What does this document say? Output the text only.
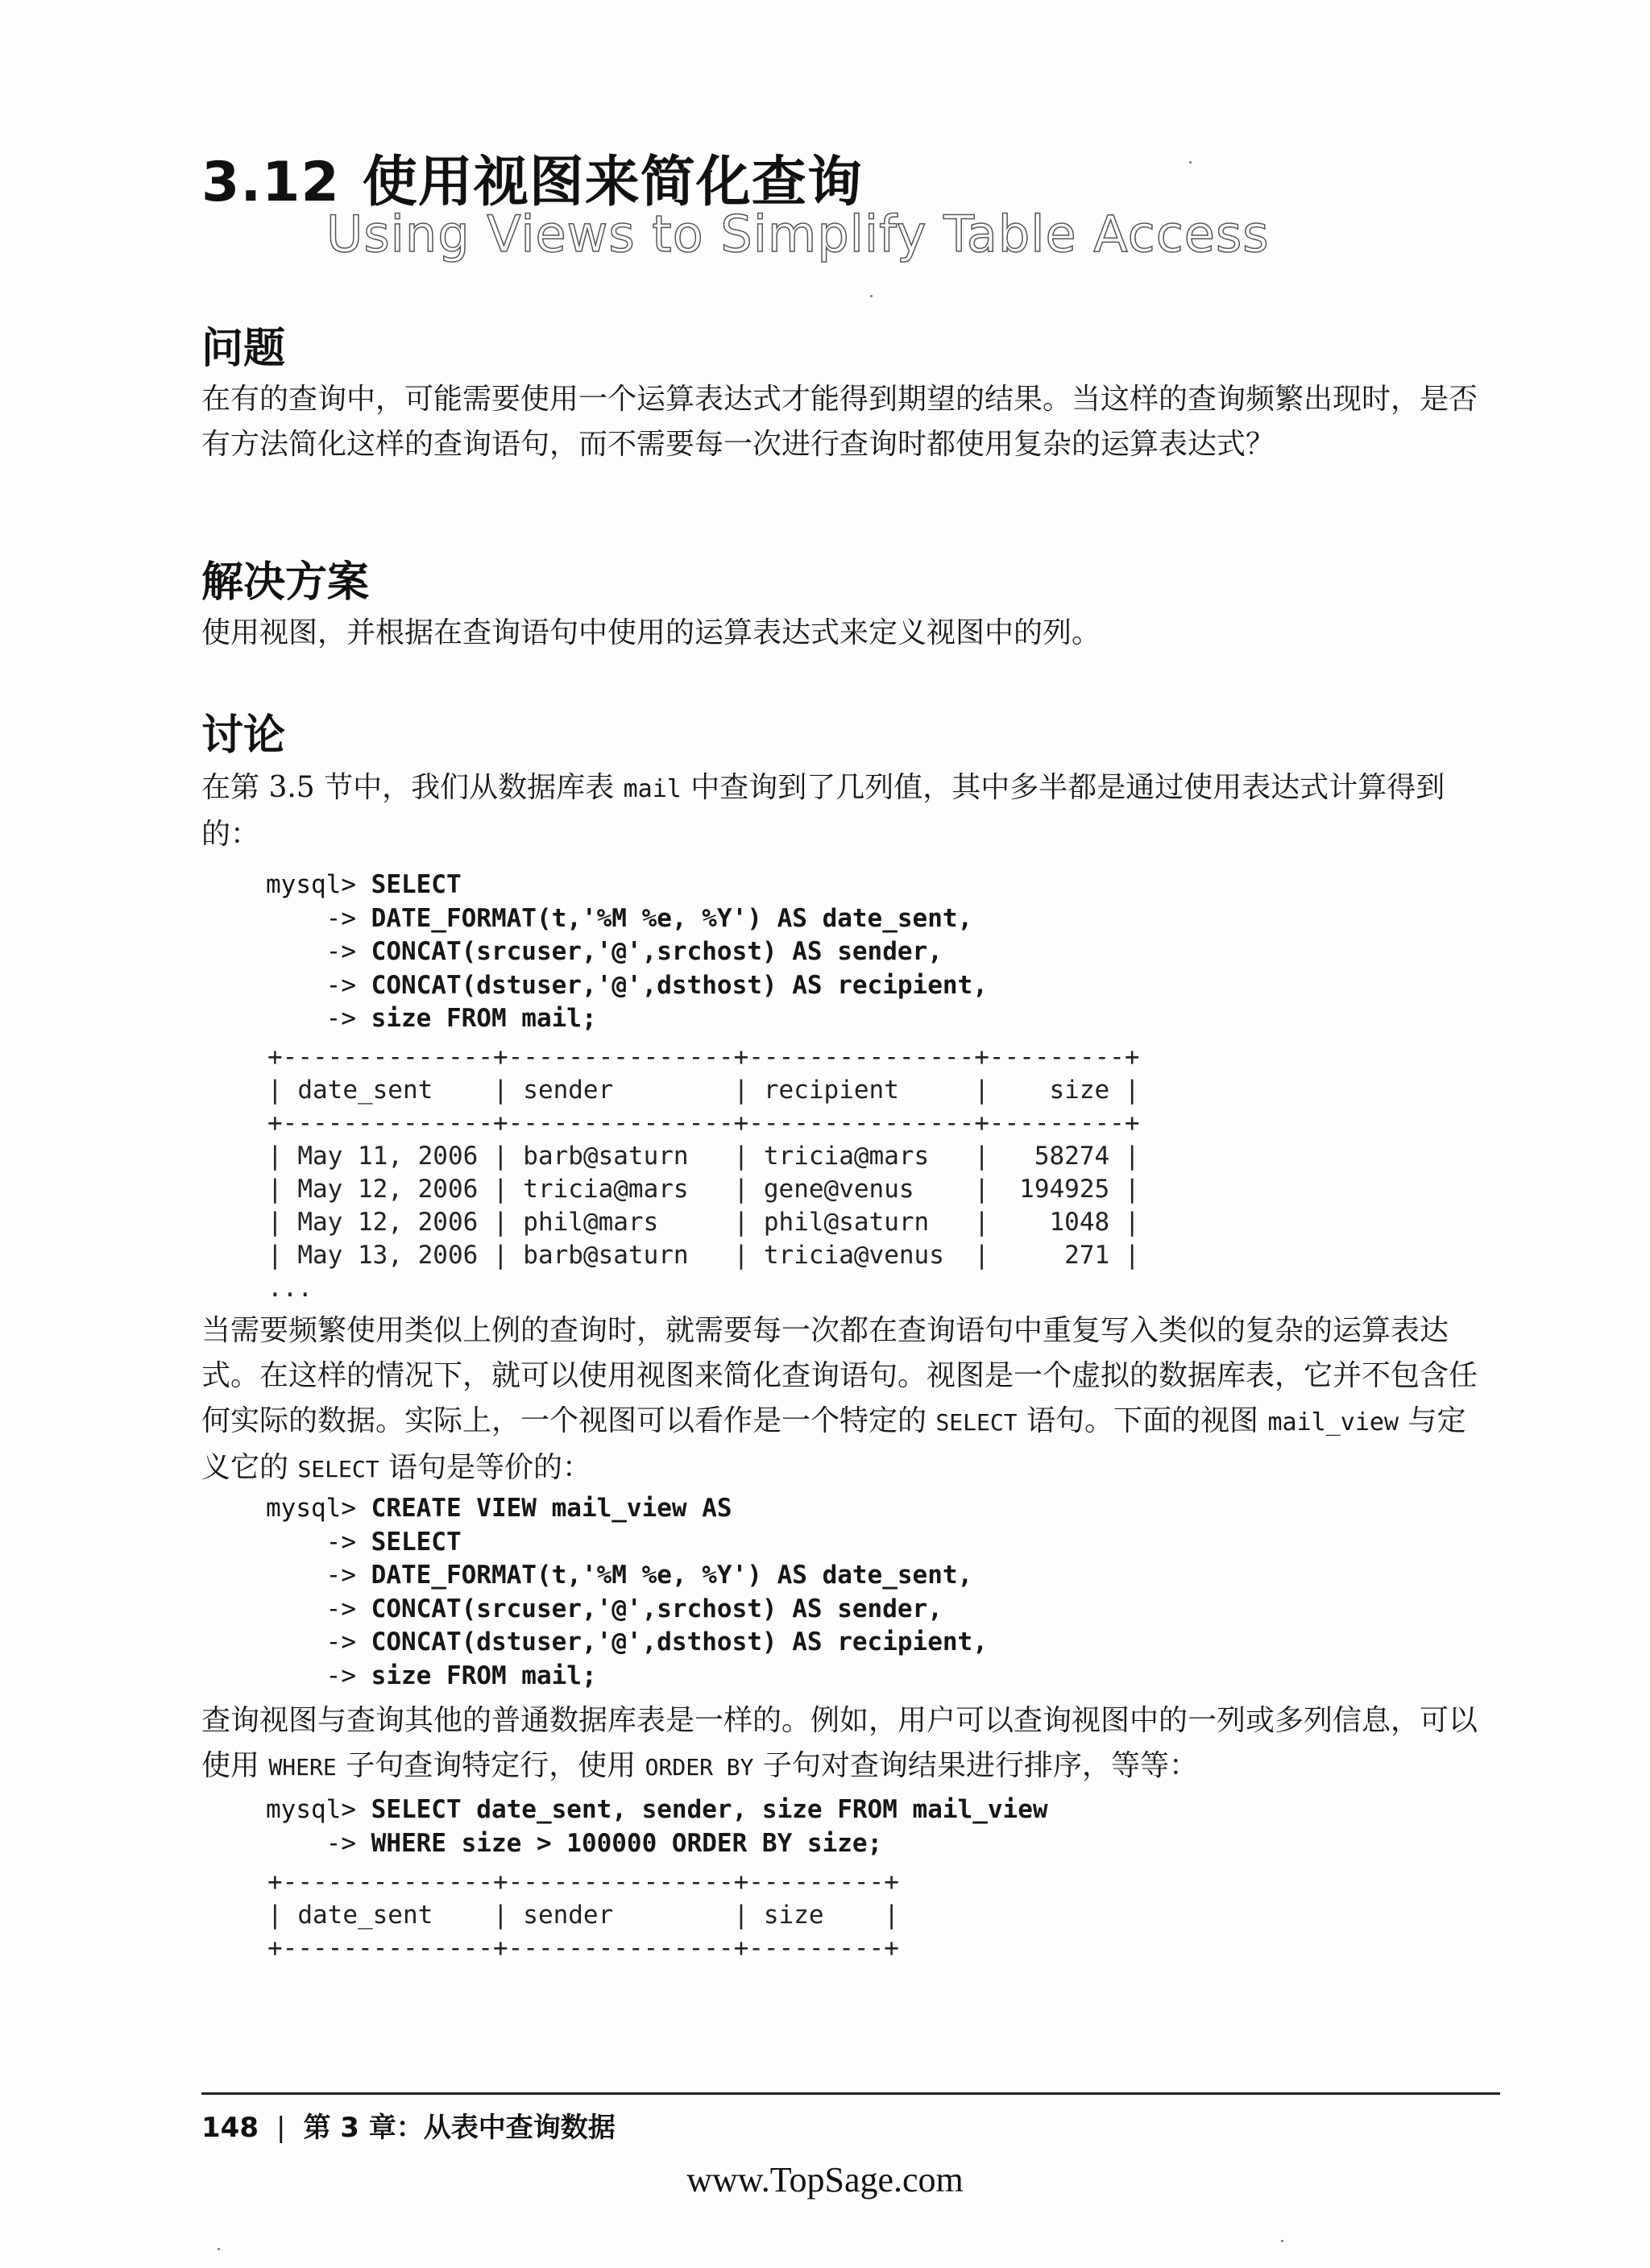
3.12 使用视图来简化查询
Using Views to Simplify Table Access
问题
在有的查询中，可能需要使用一个运算表达式才能得到期望的结果。当这样的查询频繁出现时，是否有方法简化这样的查询语句，而不需要每一次进行查询时都使用复杂的运算表达式？
解决方案
使用视图，并根据在查询语句中使用的运算表达式来定义视图中的列。
讨论
在第 3.5 节中，我们从数据库表 mail 中查询到了几列值，其中多半都是通过使用表达式计算得到的：
mysql> SELECT
-> DATE_FORMAT(t,'%M %e, %Y') AS date_sent,
-> CONCAT(srcuser,'@',srchost) AS sender,
-> CONCAT(dstuser,'@',dsthost) AS recipient,
-> size FROM mail;
+--------------+---------------+---------------+---------+
| date_sent    | sender        | recipient     |    size |
+--------------+---------------+---------------+---------+
| May 11, 2006 | barb@saturn   | tricia@mars   |   58274 |
| May 12, 2006 | tricia@mars   | gene@venus    |  194925 |
| May 12, 2006 | phil@mars     | phil@saturn   |    1048 |
| May 13, 2006 | barb@saturn   | tricia@venus  |     271 |
...
当需要频繁使用类似上例的查询时，就需要每一次都在查询语句中重复写入类似的复杂的运算表达式。在这样的情况下，就可以使用视图来简化查询语句。视图是一个虚拟的数据库表，它并不包含任何实际的数据。实际上，一个视图可以看作是一个特定的 SELECT 语句。下面的视图 mail_view 与定义它的 SELECT 语句是等价的：
mysql> CREATE VIEW mail_view AS
-> SELECT
-> DATE_FORMAT(t,'%M %e, %Y') AS date_sent,
-> CONCAT(srcuser,'@',srchost) AS sender,
-> CONCAT(dstuser,'@',dsthost) AS recipient,
-> size FROM mail;
查询视图与查询其他的普通数据库表是一样的。例如，用户可以查询视图中的一列或多列信息，可以使用 WHERE 子句查询特定行，使用 ORDER BY 子句对查询结果进行排序，等等：
mysql> SELECT date_sent, sender, size FROM mail_view
-> WHERE size > 100000 ORDER BY size;
+--------------+---------------+---------+
| date_sent    | sender        | size    |
+--------------+---------------+---------+
148 | 第 3 章：从表中查询数据
www.TopSage.com
